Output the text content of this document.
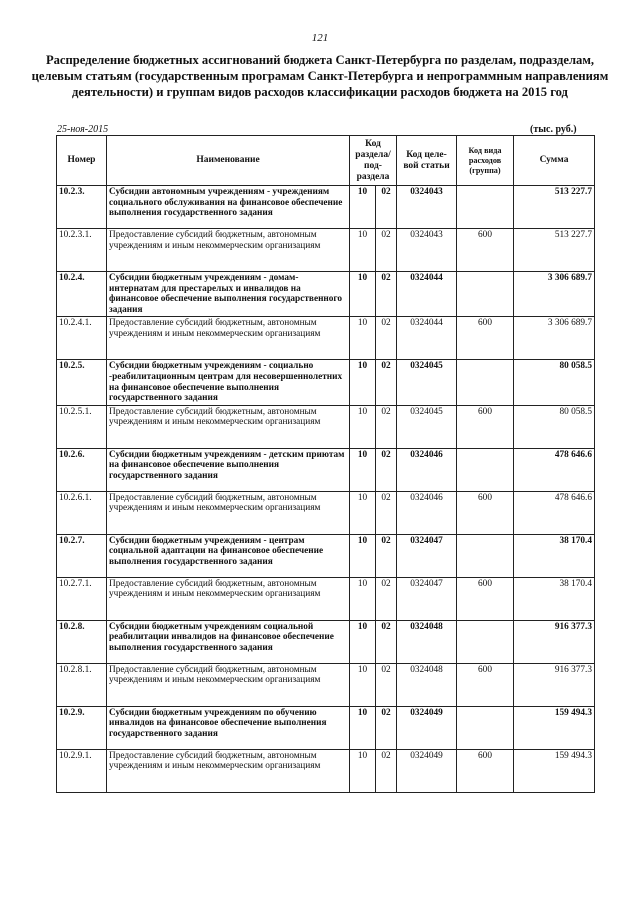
121
Распределение бюджетных ассигнований бюджета Санкт-Петербурга по разделам, подразделам, целевым статьям (государственным програмам Санкт-Петербурга и непрограммным направлениям деятельности) и группам видов расходов классификации расходов бюджета на 2015 год
25-ноя-2015	(тыс. руб.)
Номер	Наименование	Код раздела/ под-раздела		Код целе-вой статьи	Код вида расходов (группа)	Сумма
10.2.3.	Субсидии автономным учреждениям - учреждениям социального обслуживания на финансовое обеспечение выполнения государственного задания	10	02	0324043		513 227.7
10.2.3.1.	Предоставление субсидий бюджетным, автономным учреждениям и иным некоммерческим организациям	10	02	0324043	600	513 227.7
10.2.4.	Субсидии бюджетным учреждениям - домам-интернатам для престарелых и инвалидов на финансовое обеспечение выполнения государственного задания	10	02	0324044		3 306 689.7
10.2.4.1.	Предоставление субсидий бюджетным, автономным учреждениям и иным некоммерческим организациям	10	02	0324044	600	3 306 689.7
10.2.5.	Субсидии бюджетным учреждениям - социально -реабилитационным центрам для несовершеннолетних на финансовое обеспечение выполнения государственного задания	10	02	0324045		80 058.5
10.2.5.1.	Предоставление субсидий бюджетным, автономным учреждениям и иным некоммерческим организациям	10	02	0324045	600	80 058.5
10.2.6.	Субсидии бюджетным учреждениям - детским приютам на финансовое обеспечение выполнения государственного задания	10	02	0324046		478 646.6
10.2.6.1.	Предоставление субсидий бюджетным, автономным учреждениям и иным некоммерческим организациям	10	02	0324046	600	478 646.6
10.2.7.	Субсидии бюджетным учреждениям - центрам социальной адаптации на финансовое обеспечение выполнения государственного задания	10	02	0324047		38 170.4
10.2.7.1.	Предоставление субсидий бюджетным, автономным учреждениям и иным некоммерческим организациям	10	02	0324047	600	38 170.4
10.2.8.	Субсидии бюджетным учреждениям социальной реабилитации инвалидов на финансовое обеспечение выполнения государственного задания	10	02	0324048		916 377.3
10.2.8.1.	Предоставление субсидий бюджетным, автономным учреждениям и иным некоммерческим организациям	10	02	0324048	600	916 377.3
10.2.9.	Субсидии бюджетным учреждениям по обучению инвалидов на финансовое обеспечение выполнения государственного задания	10	02	0324049		159 494.3
10.2.9.1.	Предоставление субсидий бюджетным, автономным учреждениям и иным некоммерческим организациям	10	02	0324049	600	159 494.3
